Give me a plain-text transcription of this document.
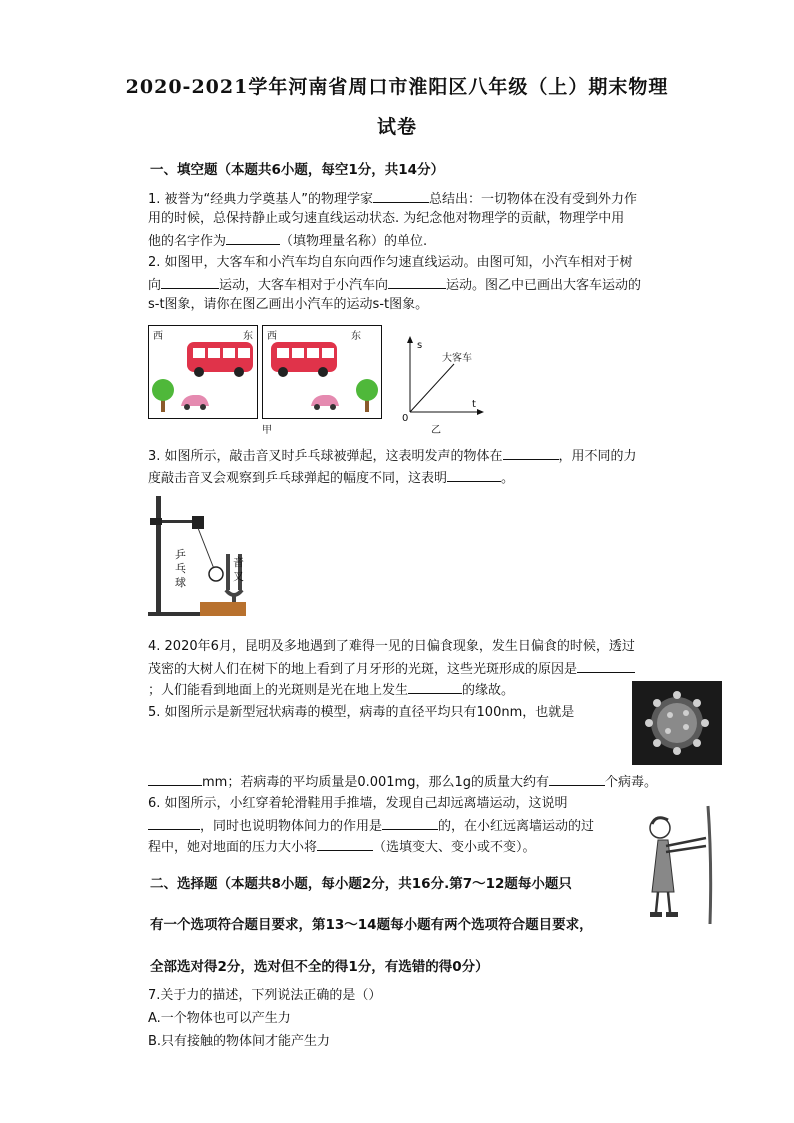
2020-2021学年河南省周口市淮阳区八年级（上）期末物理
试卷
一、填空题（本题共6小题，每空1分，共14分）
1. 被誉为“经典力学奠基人”的物理学家	总结出：一切物体在没有受到外力作
用的时候，总保持静止或匀速直线运动状态. 为纪念他对物理学的贡献，物理学中用
他的名字作为	（填物理量名称）的单位.
2. 如图甲，大客车和小汽车均自东向西作匀速直线运动。由图可知，小汽车相对于树
向	运动，大客车相对于小汽车向	运动。图乙中已画出大客车运动的
s-t图象，请你在图乙画出小汽车的运动s-t图象。
西	东 西	东
甲
s
t
0
大客车
乙
3. 如图所示，敲击音叉时乒乓球被弹起，这表明发声的物体在	，用不同的力
度敲击音叉会观察到乒乓球弹起的幅度不同，这表明	。
乒乓球
音叉
4. 2020年6月，昆明及多地遇到了难得一见的日偏食现象，发生日偏食的时候，透过
茂密的大树人们在树下的地上看到了月牙形的光斑，这些光斑形成的原因是
；人们能看到地面上的光斑则是光在地上发生	的缘故。
5. 如图所示是新型冠状病毒的模型，病毒的直径平均只有100nm，也就是
mm；若病毒的平均质量是0.001mg，那么1g的质量大约有	个病毒。
6. 如图所示，小红穿着轮滑鞋用手推墙，发现自己却远离墙运动，这说明
，同时也说明物体间力的作用是	的，在小红远离墙运动的过
程中，她对地面的压力大小将	（选填变大、变小或不变）。
二、选择题（本题共8小题，每小题2分，共16分.第7～12题每小题只
有一个选项符合题目要求，第13～14题每小题有两个选项符合题目要求，
全部选对得2分，选对但不全的得1分，有选错的得0分）
7.关于力的描述，下列说法正确的是（）
A.一个物体也可以产生力
B.只有接触的物体间才能产生力
